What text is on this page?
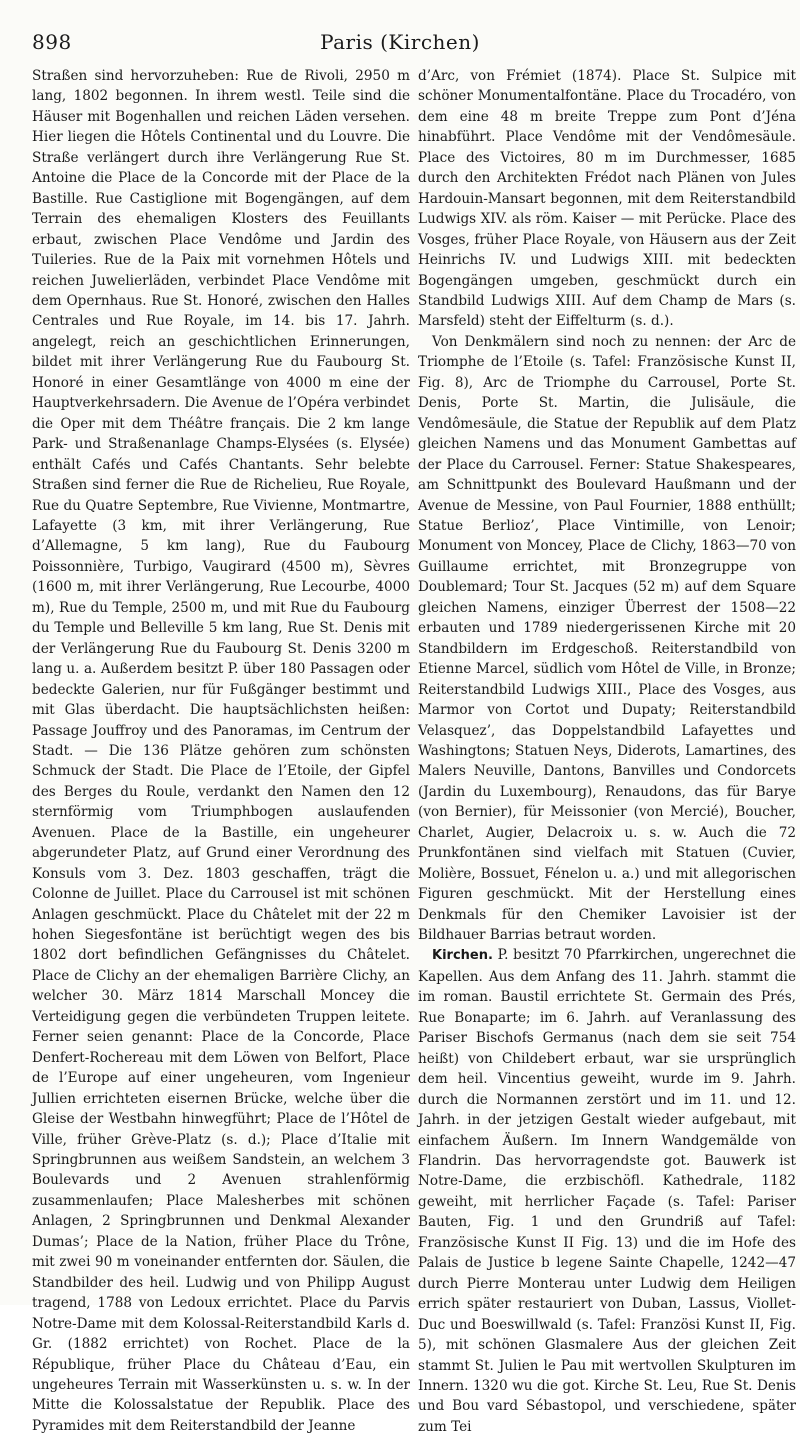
898	Paris (Kirchen)

Straßen sind hervorzuheben: Rue de Rivoli, 2950 m lang, 1802 begonnen. In ihrem westl. Teile sind die Häuser mit Bogenhallen und reichen Läden versehen. Hier liegen die Hôtels Continental und du Louvre. Die Straße verlängert durch ihre Verlängerung Rue St. Antoine die Place de la Concorde mit der Place de la Bastille. Rue Castiglione mit Bogengängen, auf dem Terrain des ehemaligen Klosters des Feuillants erbaut, zwischen Place Vendôme und Jardin des Tuileries. Rue de la Paix mit vornehmen Hôtels und reichen Juwelierläden, verbindet Place Vendôme mit dem Opernhaus. Rue St. Honoré, zwischen den Halles Centrales und Rue Royale, im 14. bis 17. Jahrh. angelegt, reich an geschichtlichen Erinnerungen, bildet mit ihrer Verlängerung Rue du Faubourg St. Honoré in einer Gesamtlänge von 4000 m eine der Hauptverkehrsadern. Die Avenue de l’Opéra verbindet die Oper mit dem Théâtre français. Die 2 km lange Park- und Straßenanlage Champs-Elysées (s. Elysée) enthält Cafés und Cafés Chantants. Sehr belebte Straßen sind ferner die Rue de Richelieu, Rue Royale, Rue du Quatre Septembre, Rue Vivienne, Montmartre, Lafayette (3 km, mit ihrer Verlängerung, Rue d’Allemagne, 5 km lang), Rue du Faubourg Poissonnière, Turbigo, Vaugirard (4500 m), Sèvres (1600 m, mit ihrer Verlängerung, Rue Lecourbe, 4000 m), Rue du Temple, 2500 m, und mit Rue du Faubourg du Temple und Belleville 5 km lang, Rue St. Denis mit der Verlängerung Rue du Faubourg St. Denis 3200 m lang u. a. Außerdem besitzt P. über 180 Passagen oder bedeckte Galerien, nur für Fußgänger bestimmt und mit Glas überdacht. Die hauptsächlichsten heißen: Passage Jouffroy und des Panoramas, im Centrum der Stadt. — Die 136 Plätze gehören zum schönsten Schmuck der Stadt. Die Place de l’Etoile, der Gipfel des Berges du Roule, verdankt den Namen den 12 sternförmig vom Triumphbogen auslaufenden Avenuen. Place de la Bastille, ein ungeheurer abgerundeter Platz, auf Grund einer Verordnung des Konsuls vom 3. Dez. 1803 geschaffen, trägt die Colonne de Juillet. Place du Carrousel ist mit schönen Anlagen geschmückt. Place du Châtelet mit der 22 m hohen Siegesfontäne ist berüchtigt wegen des bis 1802 dort befindlichen Gefängnisses du Châtelet. Place de Clichy an der ehemaligen Barrière Clichy, an welcher 30. März 1814 Marschall Moncey die Verteidigung gegen die verbündeten Truppen leitete. Ferner seien genannt: Place de la Concorde, Place Denfert-Rochereau mit dem Löwen von Belfort, Place de l’Europe auf einer ungeheuren, vom Ingenieur Jullien errichteten eisernen Brücke, welche über die Gleise der Westbahn hinwegführt; Place de l’Hôtel de Ville, früher Grève-Platz (s. d.); Place d’Italie mit Springbrunnen aus weißem Sandstein, an welchem 3 Boulevards und 2 Avenuen strahlenförmig zusammenlaufen; Place Malesherbes mit schönen Anlagen, 2 Springbrunnen und Denkmal Alexander Dumas’; Place de la Nation, früher Place du Trône, mit zwei 90 m voneinander entfernten dor. Säulen, die Standbilder des heil. Ludwig und von Philipp August tragend, 1788 von Ledoux errichtet. Place du Parvis Notre-Dame mit dem Kolossal-Reiterstandbild Karls d. Gr. (1882 errichtet) von Rochet. Place de la République, früher Place du Château d’Eau, ein ungeheures Terrain mit Wasserkünsten u. s. w. In der Mitte die Kolossalstatue der Republik. Place des Pyramides mit dem Reiterstandbild der Jeanne

d’Arc, von Frémiet (1874). Place St. Sulpice mit schöner Monumentalfontäne. Place du Trocadéro, von dem eine 48 m breite Treppe zum Pont d’Jéna hinabführt. Place Vendôme mit der Vendômesäule. Place des Victoires, 80 m im Durchmesser, 1685 durch den Architekten Frédot nach Plänen von Jules Hardouin-Mansart begonnen, mit dem Reiterstandbild Ludwigs XIV. als röm. Kaiser — mit Perücke. Place des Vosges, früher Place Royale, von Häusern aus der Zeit Heinrichs IV. und Ludwigs XIII. mit bedeckten Bogengängen umgeben, geschmückt durch ein Standbild Ludwigs XIII. Auf dem Champ de Mars (s. Marsfeld) steht der Eiffelturm (s. d.).

Von Denkmälern sind noch zu nennen: der Arc de Triomphe de l’Etoile (s. Tafel: Französische Kunst II, Fig. 8), Arc de Triomphe du Carrousel, Porte St. Denis, Porte St. Martin, die Julisäule, die Vendômesäule, die Statue der Republik auf dem Platz gleichen Namens und das Monument Gambettas auf der Place du Carrousel. Ferner: Statue Shakespeares, am Schnittpunkt des Boulevard Haußmann und der Avenue de Messine, von Paul Fournier, 1888 enthüllt; Statue Berlioz’, Place Vintimille, von Lenoir; Monument von Moncey, Place de Clichy, 1863—70 von Guillaume errichtet, mit Bronzegruppe von Doublemard; Tour St. Jacques (52 m) auf dem Square gleichen Namens, einziger Überrest der 1508—22 erbauten und 1789 niedergerissenen Kirche mit 20 Standbildern im Erdgeschoß. Reiterstandbild von Etienne Marcel, südlich vom Hôtel de Ville, in Bronze; Reiterstandbild Ludwigs XIII., Place des Vosges, aus Marmor von Cortot und Dupaty; Reiterstandbild Velasquez’, das Doppelstandbild Lafayettes und Washingtons; Statuen Neys, Diderots, Lamartines, des Malers Neuville, Dantons, Banvilles und Condorcets (Jardin du Luxembourg), Renaudons, das für Barye (von Bernier), für Meissonier (von Mercié), Boucher, Charlet, Augier, Delacroix u. s. w. Auch die 72 Prunkfontänen sind vielfach mit Statuen (Cuvier, Molière, Bossuet, Fénelon u. a.) und mit allegorischen Figuren geschmückt. Mit der Herstellung eines Denkmals für den Chemiker Lavoisier ist der Bildhauer Barrias betraut worden.

Kirchen. P. besitzt 70 Pfarrkirchen, ungerechnet die Kapellen. Aus dem Anfang des 11. Jahrh. stammt die im roman. Baustil errichtete St. Germain des Prés, Rue Bonaparte; im 6. Jahrh. auf Veranlassung des Pariser Bischofs Germanus (nach dem sie seit 754 heißt) von Childebert erbaut, war sie ursprünglich dem heil. Vincentius geweiht, wurde im 9. Jahrh. durch die Normannen zerstört und im 11. und 12. Jahrh. in der jetzigen Gestalt wieder aufgebaut, mit einfachem Äußern. Im Innern Wandgemälde von Flandrin. Das hervorragendste got. Bauwerk ist Notre-Dame, die erzbischöfl. Kathedrale, 1182 geweiht, mit herrlicher Façade (s. Tafel: Pariser Bauten, Fig. 1 und den Grundriß auf Tafel: Französische Kunst II Fig. 13) und die im Hofe des Palais de Justice b legene Sainte Chapelle, 1242—47 durch Pierre Monterau unter Ludwig dem Heiligen errich später restauriert von Duban, Lassus, Viollet-Duc und Boeswillwald (s. Tafel: Französi Kunst II, Fig. 5), mit schönen Glasmalere Aus der gleichen Zeit stammt St. Julien le Pau mit wertvollen Skulpturen im Innern. 1320 wu die got. Kirche St. Leu, Rue St. Denis und Bou vard Sébastopol, und verschiedene, später zum Tei
